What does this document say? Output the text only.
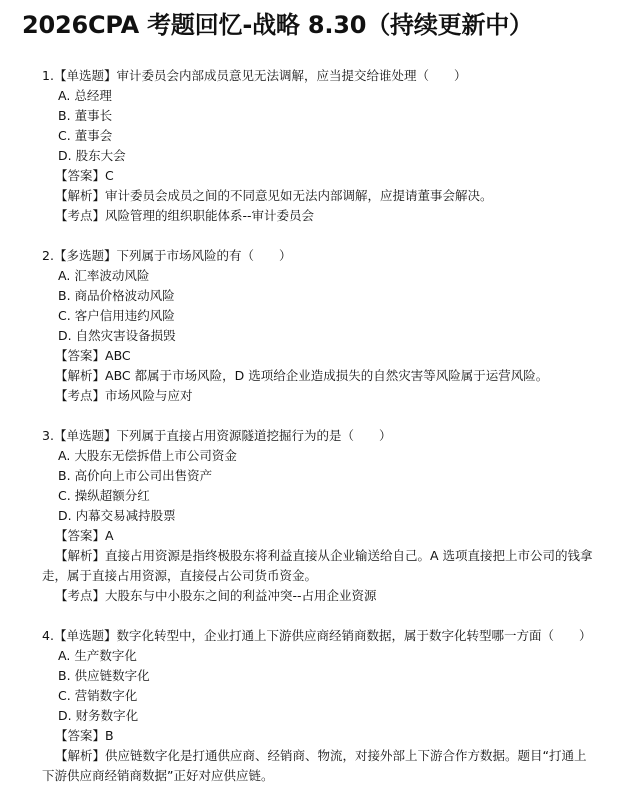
2026CPA 考题回忆-战略 8.30（持续更新中）
1.【单选题】审计委员会内部成员意见无法调解，应当提交给谁处理（　　）
A. 总经理
B. 董事长
C. 董事会
D. 股东大会
【答案】C
【解析】审计委员会成员之间的不同意见如无法内部调解，应提请董事会解决。
【考点】风险管理的组织职能体系--审计委员会
2.【多选题】下列属于市场风险的有（　　）
A. 汇率波动风险
B. 商品价格波动风险
C. 客户信用违约风险
D. 自然灾害设备损毁
【答案】ABC
【解析】ABC 都属于市场风险，D 选项给企业造成损失的自然灾害等风险属于运营风险。
【考点】市场风险与应对
3.【单选题】下列属于直接占用资源隧道挖掘行为的是（　　）
A. 大股东无偿拆借上市公司资金
B. 高价向上市公司出售资产
C. 操纵超额分红
D. 内幕交易减持股票
【答案】A
【解析】直接占用资源是指终极股东将利益直接从企业输送给自己。A 选项直接把上市公司的钱拿走，属于直接占用资源，直接侵占公司货币资金。
【考点】大股东与中小股东之间的利益冲突--占用企业资源
4.【单选题】数字化转型中，企业打通上下游供应商经销商数据，属于数字化转型哪一方面（　　）
A. 生产数字化
B. 供应链数字化
C. 营销数字化
D. 财务数字化
【答案】B
【解析】供应链数字化是打通供应商、经销商、物流，对接外部上下游合作方数据。题目“打通上下游供应商经销商数据”正好对应供应链。
